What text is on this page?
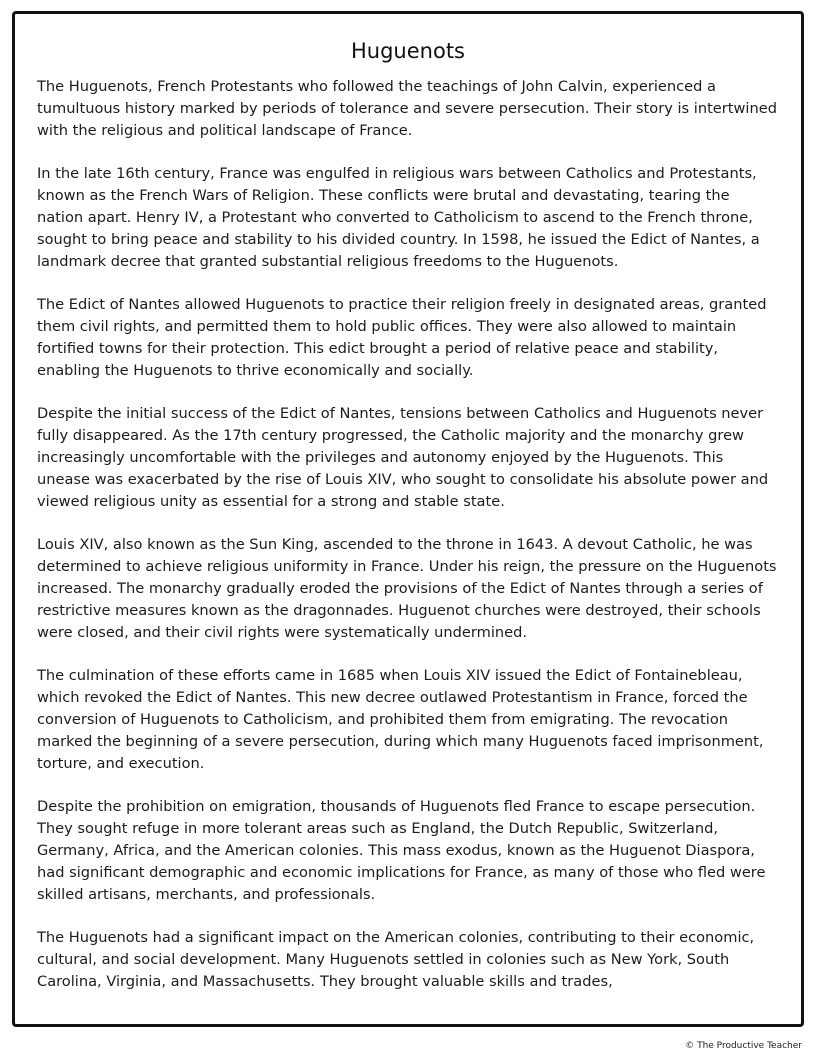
Huguenots

The Huguenots, French Protestants who followed the teachings of John Calvin, experienced a tumultuous history marked by periods of tolerance and severe persecution. Their story is intertwined with the religious and political landscape of France.

In the late 16th century, France was engulfed in religious wars between Catholics and Protestants, known as the French Wars of Religion. These conflicts were brutal and devastating, tearing the nation apart. Henry IV, a Protestant who converted to Catholicism to ascend to the French throne, sought to bring peace and stability to his divided country. In 1598, he issued the Edict of Nantes, a landmark decree that granted substantial religious freedoms to the Huguenots.

The Edict of Nantes allowed Huguenots to practice their religion freely in designated areas, granted them civil rights, and permitted them to hold public offices. They were also allowed to maintain fortified towns for their protection. This edict brought a period of relative peace and stability, enabling the Huguenots to thrive economically and socially.

Despite the initial success of the Edict of Nantes, tensions between Catholics and Huguenots never fully disappeared. As the 17th century progressed, the Catholic majority and the monarchy grew increasingly uncomfortable with the privileges and autonomy enjoyed by the Huguenots. This unease was exacerbated by the rise of Louis XIV, who sought to consolidate his absolute power and viewed religious unity as essential for a strong and stable state.

Louis XIV, also known as the Sun King, ascended to the throne in 1643. A devout Catholic, he was determined to achieve religious uniformity in France. Under his reign, the pressure on the Huguenots increased. The monarchy gradually eroded the provisions of the Edict of Nantes through a series of restrictive measures known as the dragonnades. Huguenot churches were destroyed, their schools were closed, and their civil rights were systematically undermined.

The culmination of these efforts came in 1685 when Louis XIV issued the Edict of Fontainebleau, which revoked the Edict of Nantes. This new decree outlawed Protestantism in France, forced the conversion of Huguenots to Catholicism, and prohibited them from emigrating. The revocation marked the beginning of a severe persecution, during which many Huguenots faced imprisonment, torture, and execution.

Despite the prohibition on emigration, thousands of Huguenots fled France to escape persecution. They sought refuge in more tolerant areas such as England, the Dutch Republic, Switzerland, Germany, Africa, and the American colonies. This mass exodus, known as the Huguenot Diaspora, had significant demographic and economic implications for France, as many of those who fled were skilled artisans, merchants, and professionals.

The Huguenots had a significant impact on the American colonies, contributing to their economic, cultural, and social development. Many Huguenots settled in colonies such as New York, South Carolina, Virginia, and Massachusetts. They brought valuable skills and trades,

© The Productive Teacher
